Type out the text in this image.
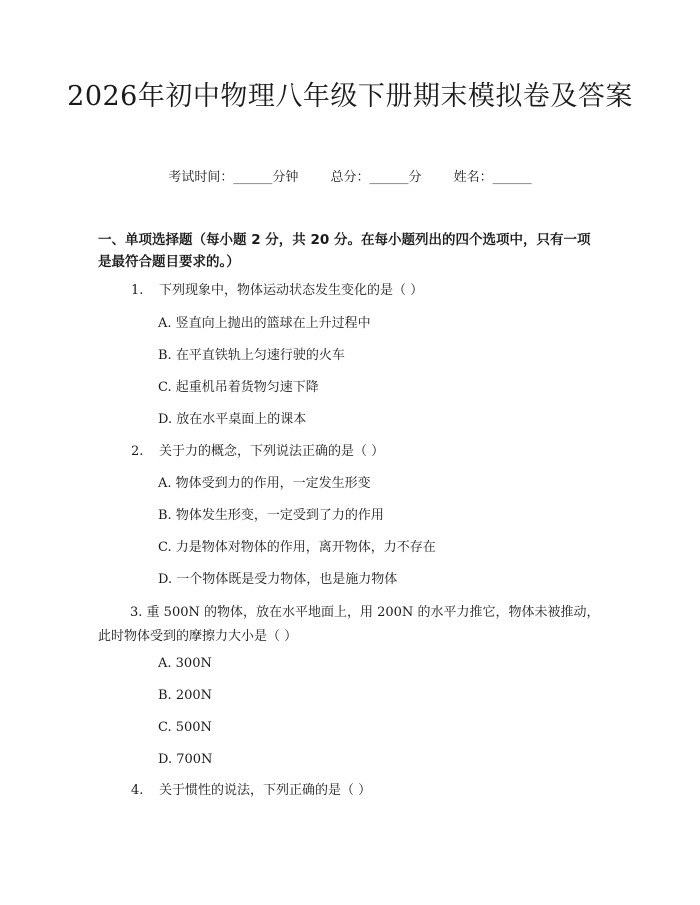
2026年初中物理八年级下册期末模拟卷及答案
考试时间：______分钟 总分：______分 姓名：______
一、单项选择题（每小题 2 分，共 20 分。在每小题列出的四个选项中，只有一项是最符合题目要求的。）
1. 下列现象中，物体运动状态发生变化的是（ ）
A. 竖直向上抛出的篮球在上升过程中
B. 在平直铁轨上匀速行驶的火车
C. 起重机吊着货物匀速下降
D. 放在水平桌面上的课本
2. 关于力的概念，下列说法正确的是（ ）
A. 物体受到力的作用，一定发生形变
B. 物体发生形变，一定受到了力的作用
C. 力是物体对物体的作用，离开物体，力不存在
D. 一个物体既是受力物体，也是施力物体
3. 重 500N 的物体，放在水平地面上，用 200N 的水平力推它，物体未被推动，此时物体受到的摩擦力大小是（ ）
A. 300N
B. 200N
C. 500N
D. 700N
4. 关于惯性的说法，下列正确的是（ ）
